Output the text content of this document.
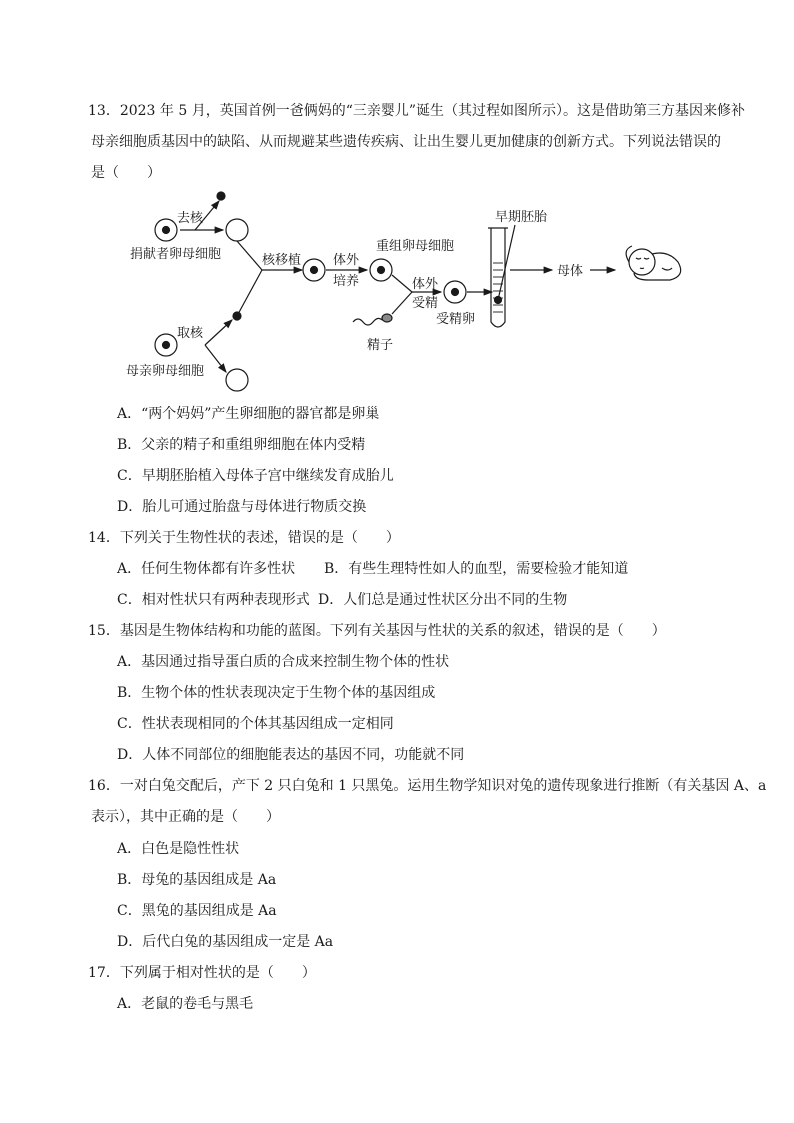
13．2023 年 5 月，英国首例一爸俩妈的“三亲婴儿”诞生（其过程如图所示）。这是借助第三方基因来修补
母亲细胞质基因中的缺陷、从而规避某些遗传疾病、让出生婴儿更加健康的创新方式。下列说法错误的
是（　　）
去核
捐献者卵母细胞
取核
母亲卵母细胞
核移植 体外
培养
重组卵母细胞
体外
受精
精子
受精卵
早期胚胎
母体
A．“两个妈妈”产生卵细胞的器官都是卵巢
B．父亲的精子和重组卵细胞在体内受精
C．早期胚胎植入母体子宫中继续发育成胎儿
D．胎儿可通过胎盘与母体进行物质交换
14．下列关于生物性状的表述，错误的是（　　）
A．任何生物体都有许多性状 B．有些生理特性如人的血型，需要检验才能知道
C．相对性状只有两种表现形式 D．人们总是通过性状区分出不同的生物
15．基因是生物体结构和功能的蓝图。下列有关基因与性状的关系的叙述，错误的是（　　）
A．基因通过指导蛋白质的合成来控制生物个体的性状
B．生物个体的性状表现决定于生物个体的基因组成
C．性状表现相同的个体其基因组成一定相同
D．人体不同部位的细胞能表达的基因不同，功能就不同
16．一对白兔交配后，产下 2 只白兔和 1 只黑兔。运用生物学知识对兔的遗传现象进行推断（有关基因 A、a
表示），其中正确的是（　　）
A．白色是隐性性状
B．母兔的基因组成是 Aa
C．黑兔的基因组成是 Aa
D．后代白兔的基因组成一定是 Aa
17．下列属于相对性状的是（　　）
A．老鼠的卷毛与黑毛
